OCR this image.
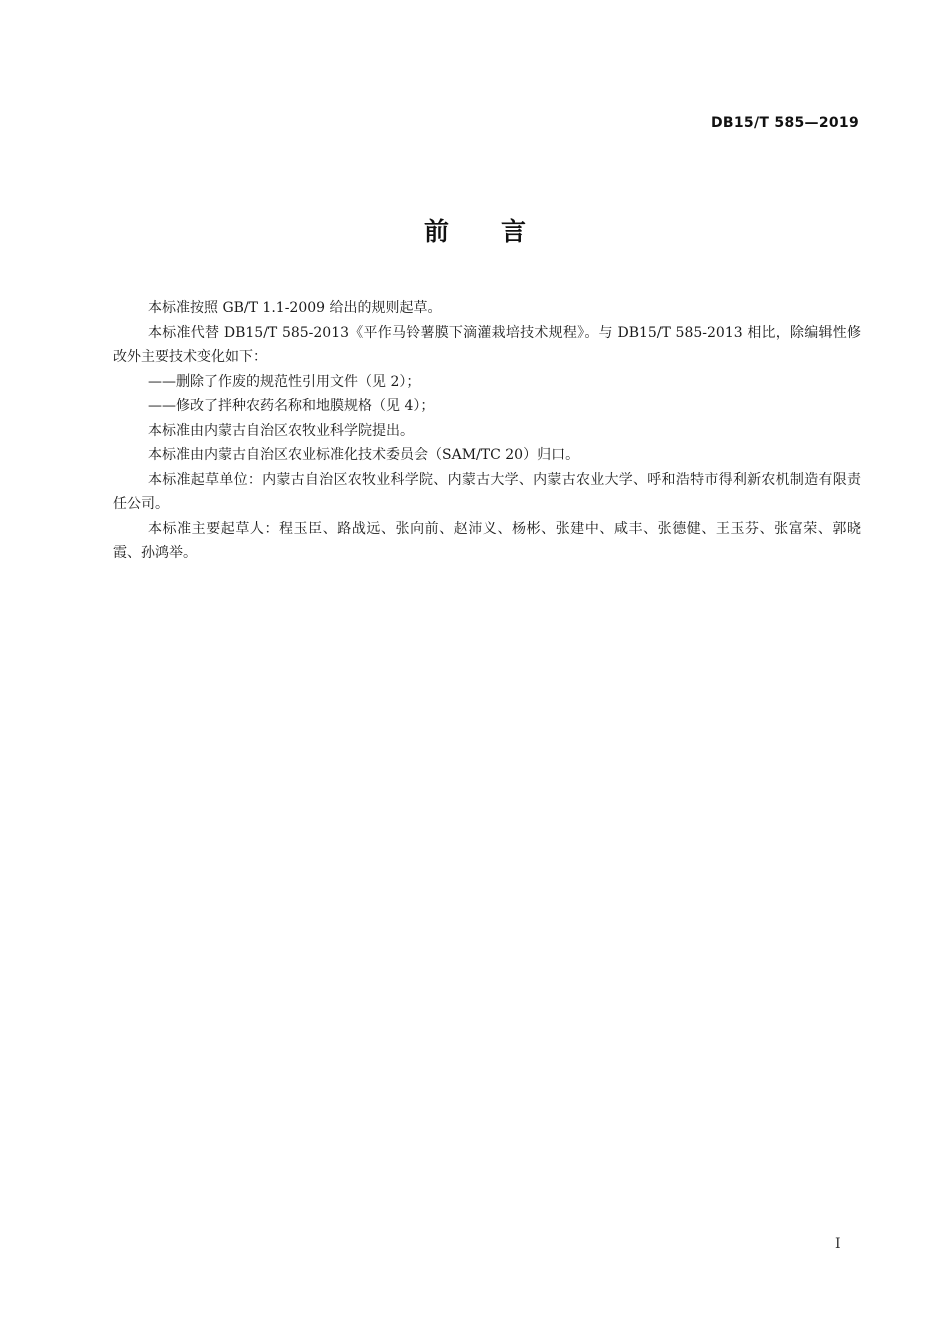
DB15/T 585—2019
前言

本标准按照 GB/T 1.1-2009 给出的规则起草。

本标准代替 DB15/T 585-2013《平作马铃薯膜下滴灌栽培技术规程》。与 DB15/T 585-2013 相比，除编辑性修改外主要技术变化如下：

——删除了作废的规范性引用文件（见 2）；

——修改了拌种农药名称和地膜规格（见 4）；

本标准由内蒙古自治区农牧业科学院提出。

本标准由内蒙古自治区农业标准化技术委员会（SAM/TC 20）归口。

本标准起草单位：内蒙古自治区农牧业科学院、内蒙古大学、内蒙古农业大学、呼和浩特市得利新农机制造有限责任公司。

本标准主要起草人：程玉臣、路战远、张向前、赵沛义、杨彬、张建中、咸丰、张德健、王玉芬、张富荣、郭晓霞、孙鸿举。

I
